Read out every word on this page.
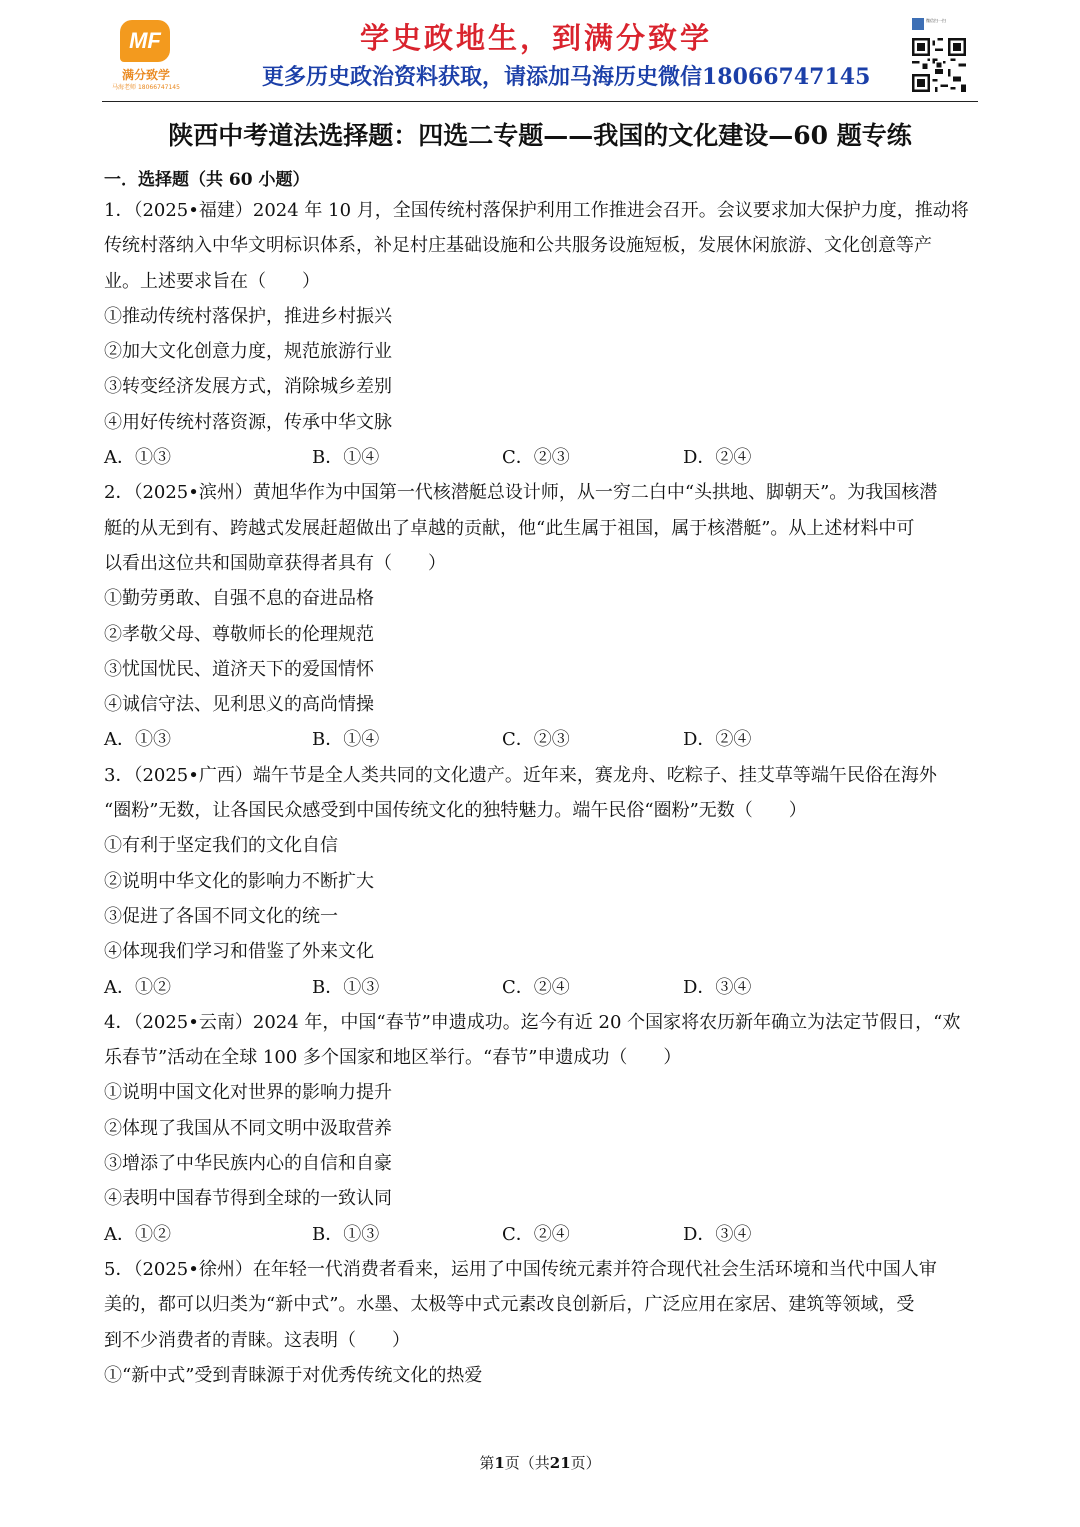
MF
满分致学
马海老师 18066747145
学史政地生，到满分致学
更多历史政治资料获取，请添加马海历史微信18066747145
微信扫一扫
陕西中考道法选择题：四选二专题——我国的文化建设—60 题专练
一．选择题（共 60 小题）
1．（2025•福建）2024 年 10 月，全国传统村落保护利用工作推进会召开。会议要求加大保护力度，推动将
传统村落纳入中华文明标识体系，补足村庄基础设施和公共服务设施短板，发展休闲旅游、文化创意等产
业。上述要求旨在（　　）
①推动传统村落保护，推进乡村振兴
②加大文化创意力度，规范旅游行业
③转变经济发展方式，消除城乡差别
④用好传统村落资源，传承中华文脉
A．①③	B．①④	C．②③	D．②④
2．（2025•滨州）黄旭华作为中国第一代核潜艇总设计师，从一穷二白中“头拱地、脚朝天”。为我国核潜
艇的从无到有、跨越式发展赶超做出了卓越的贡献，他“此生属于祖国，属于核潜艇”。从上述材料中可
以看出这位共和国勋章获得者具有（　　）
①勤劳勇敢、自强不息的奋进品格
②孝敬父母、尊敬师长的伦理规范
③忧国忧民、道济天下的爱国情怀
④诚信守法、见利思义的高尚情操
A．①③	B．①④	C．②③	D．②④
3．（2025•广西）端午节是全人类共同的文化遗产。近年来，赛龙舟、吃粽子、挂艾草等端午民俗在海外
“圈粉”无数，让各国民众感受到中国传统文化的独特魅力。端午民俗“圈粉”无数（　　）
①有利于坚定我们的文化自信
②说明中华文化的影响力不断扩大
③促进了各国不同文化的统一
④体现我们学习和借鉴了外来文化
A．①②	B．①③	C．②④	D．③④
4．（2025•云南）2024 年，中国“春节”申遗成功。迄今有近 20 个国家将农历新年确立为法定节假日，“欢
乐春节”活动在全球 100 多个国家和地区举行。“春节”申遗成功（　　）
①说明中国文化对世界的影响力提升
②体现了我国从不同文明中汲取营养
③增添了中华民族内心的自信和自豪
④表明中国春节得到全球的一致认同
A．①②	B．①③	C．②④	D．③④
5．（2025•徐州）在年轻一代消费者看来，运用了中国传统元素并符合现代社会生活环境和当代中国人审
美的，都可以归类为“新中式”。水墨、太极等中式元素改良创新后，广泛应用在家居、建筑等领域，受
到不少消费者的青睐。这表明（　　）
①“新中式”受到青睐源于对优秀传统文化的热爱
第1页（共21页）
